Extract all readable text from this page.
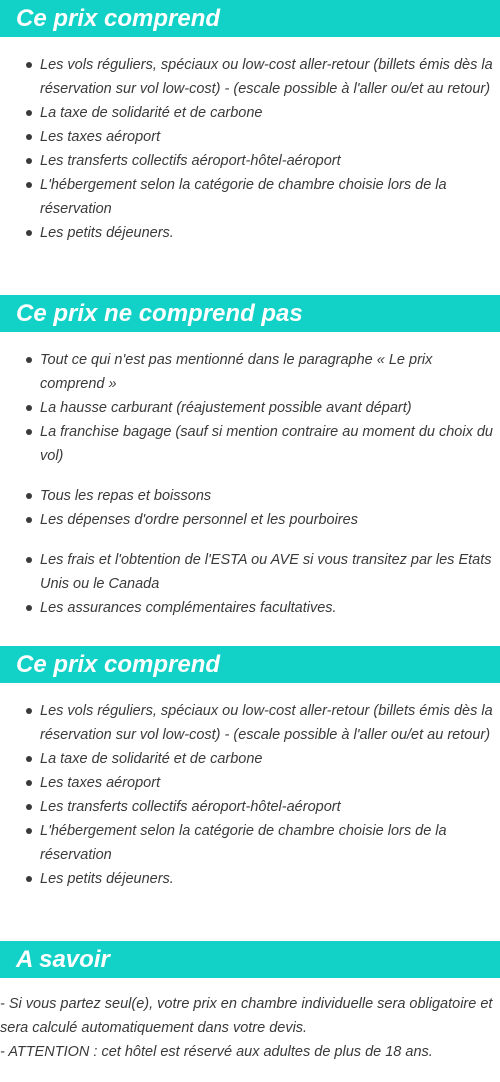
Ce prix comprend
Les vols réguliers, spéciaux ou low-cost aller-retour (billets émis dès la réservation sur vol low-cost) - (escale possible à l'aller ou/et au retour)
La taxe de solidarité et de carbone
Les taxes aéroport
Les transferts collectifs aéroport-hôtel-aéroport
L'hébergement selon la catégorie de chambre choisie lors de la réservation
Les petits déjeuners.
Ce prix ne comprend pas
Tout ce qui n'est pas mentionné dans le paragraphe « Le prix comprend »
La hausse carburant (réajustement possible avant départ)
La franchise bagage (sauf si mention contraire au moment du choix du vol)
Tous les repas et boissons
Les dépenses d'ordre personnel et les pourboires
Les frais et l'obtention de l'ESTA ou AVE si vous transitez par les Etats Unis ou le Canada
Les assurances complémentaires facultatives.
Ce prix comprend
Les vols réguliers, spéciaux ou low-cost aller-retour (billets émis dès la réservation sur vol low-cost) - (escale possible à l'aller ou/et au retour)
La taxe de solidarité et de carbone
Les taxes aéroport
Les transferts collectifs aéroport-hôtel-aéroport
L'hébergement selon la catégorie de chambre choisie lors de la réservation
Les petits déjeuners.
A savoir

- Si vous partez seul(e), votre prix en chambre individuelle sera obligatoire et sera calculé automatiquement dans votre devis.

- ATTENTION : cet hôtel est réservé aux adultes de plus de 18 ans.
